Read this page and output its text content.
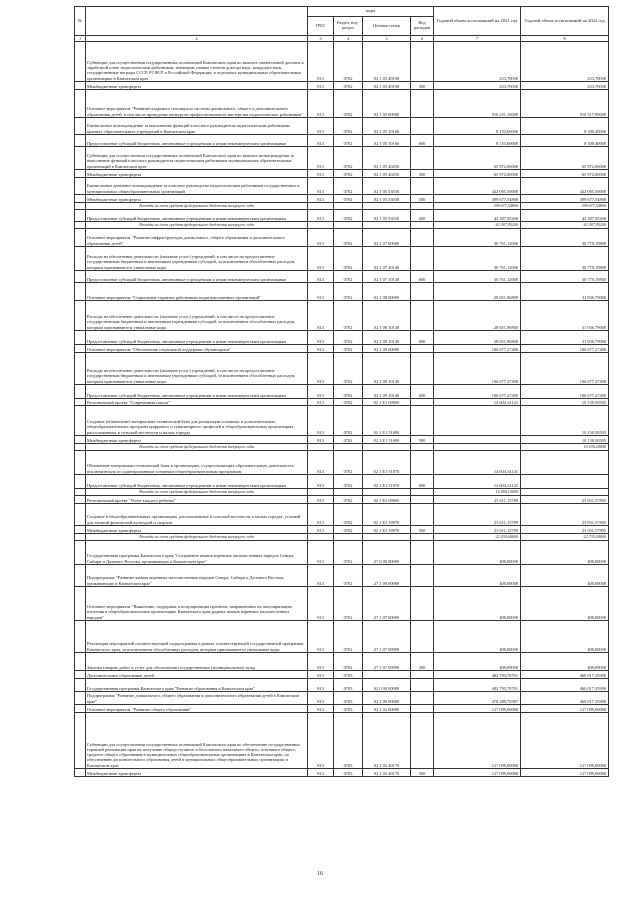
№		коды				Годовой объем ассигнований на 2021 год	Годовой объем ассигнований на 2022 год
		ГРБС	Раздел, под-раздел	Целевая статья	Вид расходов		
1	2	3	4	5	6	7	8
	Субвенции для осуществления государственных полномочий Камчатского края по выплате ежемесячной доплаты к заработной плате педагогическим работникам, имеющим ученые степени доктора наук, кандидата наук, государственные награды СССР, РСФСР и Российской Федерации, в отдельных муниципальных образовательных организациях в Камчатском крае	813	0702	02 1 03 40190		233,70000	233,70000
	Межбюджетные трансферты	813	0702	02 1 03 40190	500	233,70000	233,70000
	Основное мероприятие "Развитие кадрового потенциала системы дошкольного, общего и дополнительного образования детей, в том числе проведение конкурсов профессионального мастерства педагогических работников"	813	0702	02 1 05 00000		516 251,10000	516 517,90000
	Ежемесячное вознаграждение за выполнение функций классного руководителя педагогическим работникам краевых образовательных учреждений в Камчатском крае	813	0702	02 1 05 10160		8 153,60000	8 300,40000
	Предоставление субсидий бюджетным, автономным учреждениям и иным некоммерческим организациям	813	0702	02 1 05 10160	600	8 153,60000	8 300,40000
	Субвенции для осуществления государственных полномочий Камчатского края по выплате вознаграждения за выполнение функций классного руководителя педагогическим работникам муниципальных образовательных организаций в Камчатском крае	813	0702	02 1 05 40250		65 972,00000	65 972,00000
	Межбюджетные трансферты	813	0702	02 1 05 40250	500	65 972,00000	65 972,00000
	Ежемесячное денежное вознаграждение за классное руководство педагогическим работникам государственных и муниципальных общеобразовательных организаций	813	0702	02 1 05 53030		442 065,50000	442 065,50000
	Межбюджетные трансферты	813	0702	02 1 05 53030	500	399 677,54800	399 677,54800
	Расходы за счет средств федерального бюджета текущего года					399 677,54800	399 677,54800
	Предоставление субсидий бюджетным, автономным учреждениям и иным некоммерческим организациям	813	0702	02 1 05 53030	600	42 387,95200	42 387,95200
	Расходы за счет средств федерального бюджета текущего года					42 387,95200	42 387,95200
	Основное мероприятие "Развитие инфраструктуры дошкольного, общего образования и дополнительного образования детей"	813	0702	02 1 07 00000		30 761,12000	30 770,19800
	Расходы на обеспечение деятельности (оказание услуг) учреждений, в том числе на предоставление государственным бюджетным и автономным учреждениям субсидий, за исключением обособленных расходов, которым присваиваются уникальные коды	813	0702	02 1 07 10140		30 761,12000	30 770,19800
	Предоставление субсидий бюджетным, автономным учреждениям и иным некоммерческим организациям	813	0702	02 1 07 10140	600	30 761,12000	30 770,19800
	Основное мероприятие "Социальные гарантии работникам подведомственных организаций"	813	0702	02 1 08 00000		28 651,96800	31 936,79000
	Расходы на обеспечение деятельности (оказание услуг) учреждений, в том числе на предоставление государственным бюджетным и автономным учреждениям субсидий, за исключением обособленных расходов, которым присваиваются уникальные коды	813	0702	02 1 08 10140		28 651,96800	31 936,79000
	Предоставление субсидий бюджетным, автономным учреждениям и иным некоммерческим организациям	813	0702	02 1 08 10140	600	28 651,96800	31 936,79000
	Основное мероприятие "Обеспечение социальной поддержки обучающихся"	813	0702	02 1 09 00000		106 677,27400	106 677,27400
	Расходы на обеспечение деятельности (оказание услуг) учреждений, в том числе на предоставление государственным бюджетным и автономным учреждениям субсидий, за исключением обособленных расходов, которым присваиваются уникальные коды	813	0702	02 1 09 10140		106 677,27400	106 677,27400
	Предоставление субсидий бюджетным, автономным учреждениям и иным некоммерческим организациям	813	0702	02 1 09 10140	600	106 677,27400	106 677,27400
	Региональный проект "Современная школа"	813	0702	02 1 Е1 00000		14 604,14141	10 130,50505
	Создание (обновление) материально-технической базы для реализации основных и дополнительных общеобразовательных программ цифрового и гуманитарного профилей в общеобразовательных организациях, расположенных в сельской местности и малых городах	813	0702	02 1 Е1 51690			10 130,50505
	Межбюджетные трансферты	813	0702	02 1 Е1 51690	500		10 130,50505
	Расходы за счет средств федерального бюджета текущего года						10 030,20000
	Обновление материально-технической базы в организациях, осуществляющих образовательную деятельность исключительно по адаптированным основным общеобразовательным программам	813	0702	02 1 Е1 51870		14 604,14141	
	Предоставление субсидий бюджетным, автономным учреждениям и иным некоммерческим организациям	813	0702	02 1 Е1 51870	600	14 604,14141	
	Расходы за счет средств федерального бюджета текущего года					14 458,10000	
	Региональный проект "Успех каждого ребенка"	813	0702	02 1 Е2 00000		23 611,15789	23 931,57895
	Создание в общеобразовательных организациях, расположенных в сельской местности и малых городах, условий для занятий физической культурой и спортом	813	0702	02 1 Е2 50970		23 611,15789	23 931,57895
	Межбюджетные трансферты	813	0702	02 1 Е2 50970	500	23 611,15789	23 931,57895
	Расходы за счет средств федерального бюджета текущего года					22 430,60000	22 735,00000
	Государственная программа Камчатского края "Сохранение языков коренных малочисленных народов Севера, Сибири и Дальнего Востока, проживающих в Камчатском крае"	813	0702	27 0 00 00000		400,00000	400,00000
	Подпрограмма "Развитие языков коренных малочисленных народов Севера, Сибири и Дальнего Востока, проживающих в Камчатском крае"	813	0702	27 1 00 00000		400,00000	400,00000
	Основное мероприятие "Выявление, поддержка и популяризация проектов, направленных на популяризацию изучения в общеобразовательных организациях Камчатского края родных языков коренных малочисленных народов"	813	0702	27 1 07 00000		400,00000	400,00000
	Реализация мероприятий соответствующей подпрограммы в рамках соответствующей государственной программы Камчатского края, за исключением обособленных расходов, которым присваиваются уникальные коды	813	0702	27 1 07 09990		400,00000	400,00000
	Закупка товаров, работ и услуг для обеспечения государственных (муниципальных) нужд	813	0702	27 1 07 09990	200	400,00000	400,00000
	Дополнительное образование детей	813	0703			482 793,70791	460 017,35900
	Государственная программа Камчатского края "Развитие образования в Камчатском крае"	813	0703	02 0 00 00000		482 793,70791	460 017,35900
	Подпрограмма "Развитие дошкольного, общего образования и дополнительного образования детей в Камчатском крае"	813	0703	02 1 00 00000		478 289,70387	460 017,35900
	Основное мероприятие "Развитие общего образования"	813	0703	02 1 02 00000		127 099,00000	127 099,00000
	Субвенции для осуществления государственных полномочий Камчатского края по обеспечению государственных гарантий реализации прав на получение общедоступного и бесплатного начального общего, основного общего, среднего общего образования в муниципальных общеобразовательных организациях в Камчатском крае, по обеспечению дополнительного образования детей в муниципальных общеобразовательных организациях в Камчатском крае	813	0703	02 1 02 40170		127 099,00000	127 099,00000
	Межбюджетные трансферты	813	0703	02 1 02 40170	500	127 099,00000	127 099,00000
16
